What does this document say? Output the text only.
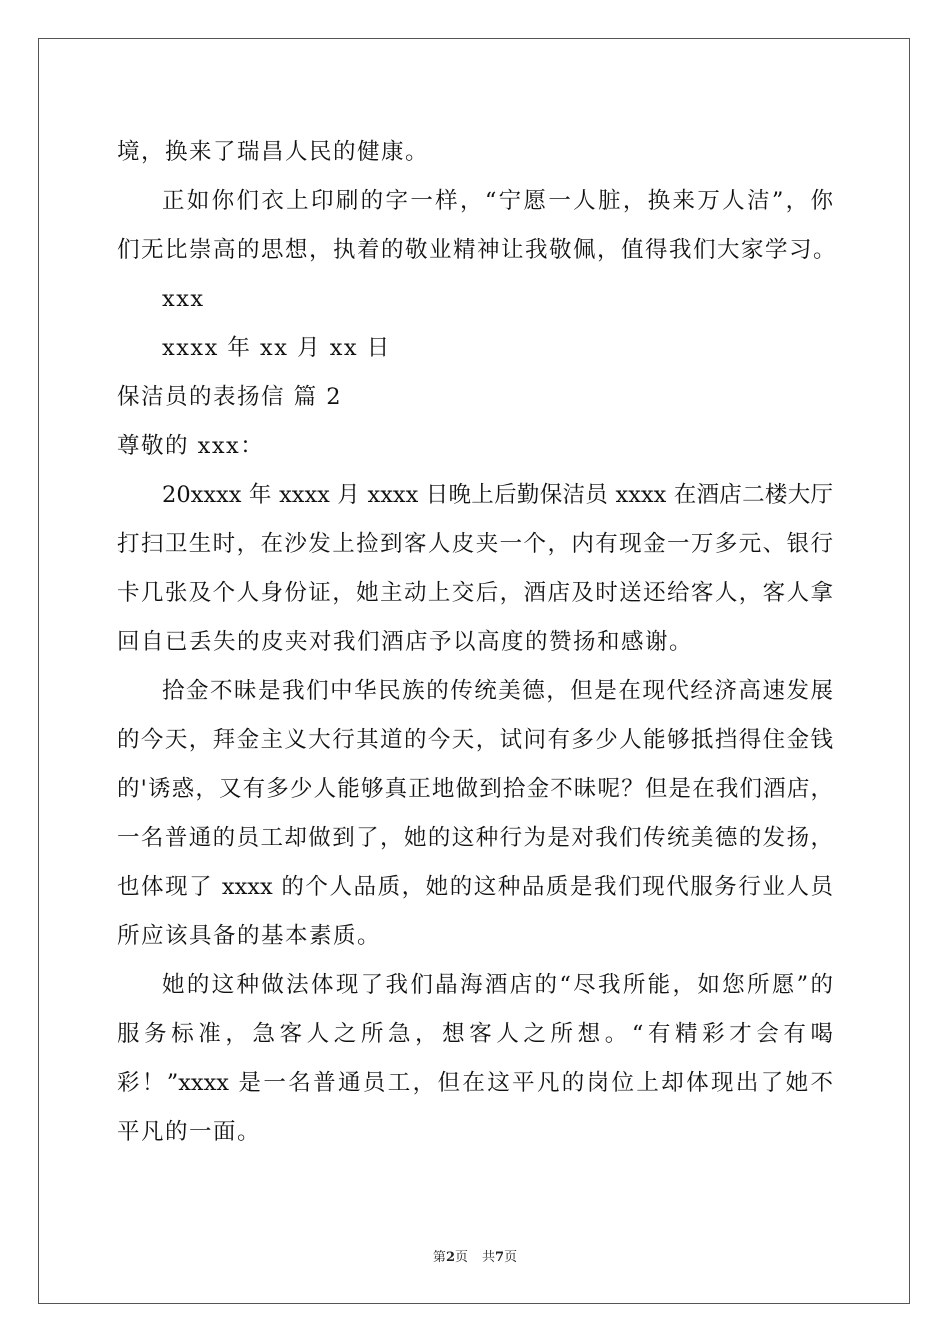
境，换来了瑞昌人民的健康。
正如你们衣上印刷的字一样，“宁愿一人脏，换来万人洁”，你
们无比崇高的思想，执着的敬业精神让我敬佩，值得我们大家学习。
xxx
xxxx 年 xx 月 xx 日
保洁员的表扬信 篇 2
尊敬的 xxx：
20xxxx 年 xxxx 月 xxxx 日晚上后勤保洁员 xxxx 在酒店二楼大厅
打扫卫生时，在沙发上捡到客人皮夹一个，内有现金一万多元、银行
卡几张及个人身份证，她主动上交后，酒店及时送还给客人，客人拿
回自已丢失的皮夹对我们酒店予以高度的赞扬和感谢。
拾金不昧是我们中华民族的传统美德，但是在现代经济高速发展
的今天，拜金主义大行其道的今天，试问有多少人能够抵挡得住金钱
的'诱惑，又有多少人能够真正地做到拾金不昧呢？但是在我们酒店，
一名普通的员工却做到了，她的这种行为是对我们传统美德的发扬，
也体现了 xxxx 的个人品质，她的这种品质是我们现代服务行业人员
所应该具备的基本素质。
她的这种做法体现了我们晶海酒店的“尽我所能，如您所愿”的
服务标准，急客人之所急，想客人之所想。“有精彩才会有喝
彩！”xxxx 是一名普通员工，但在这平凡的岗位上却体现出了她不
平凡的一面。
第2页 共7页
